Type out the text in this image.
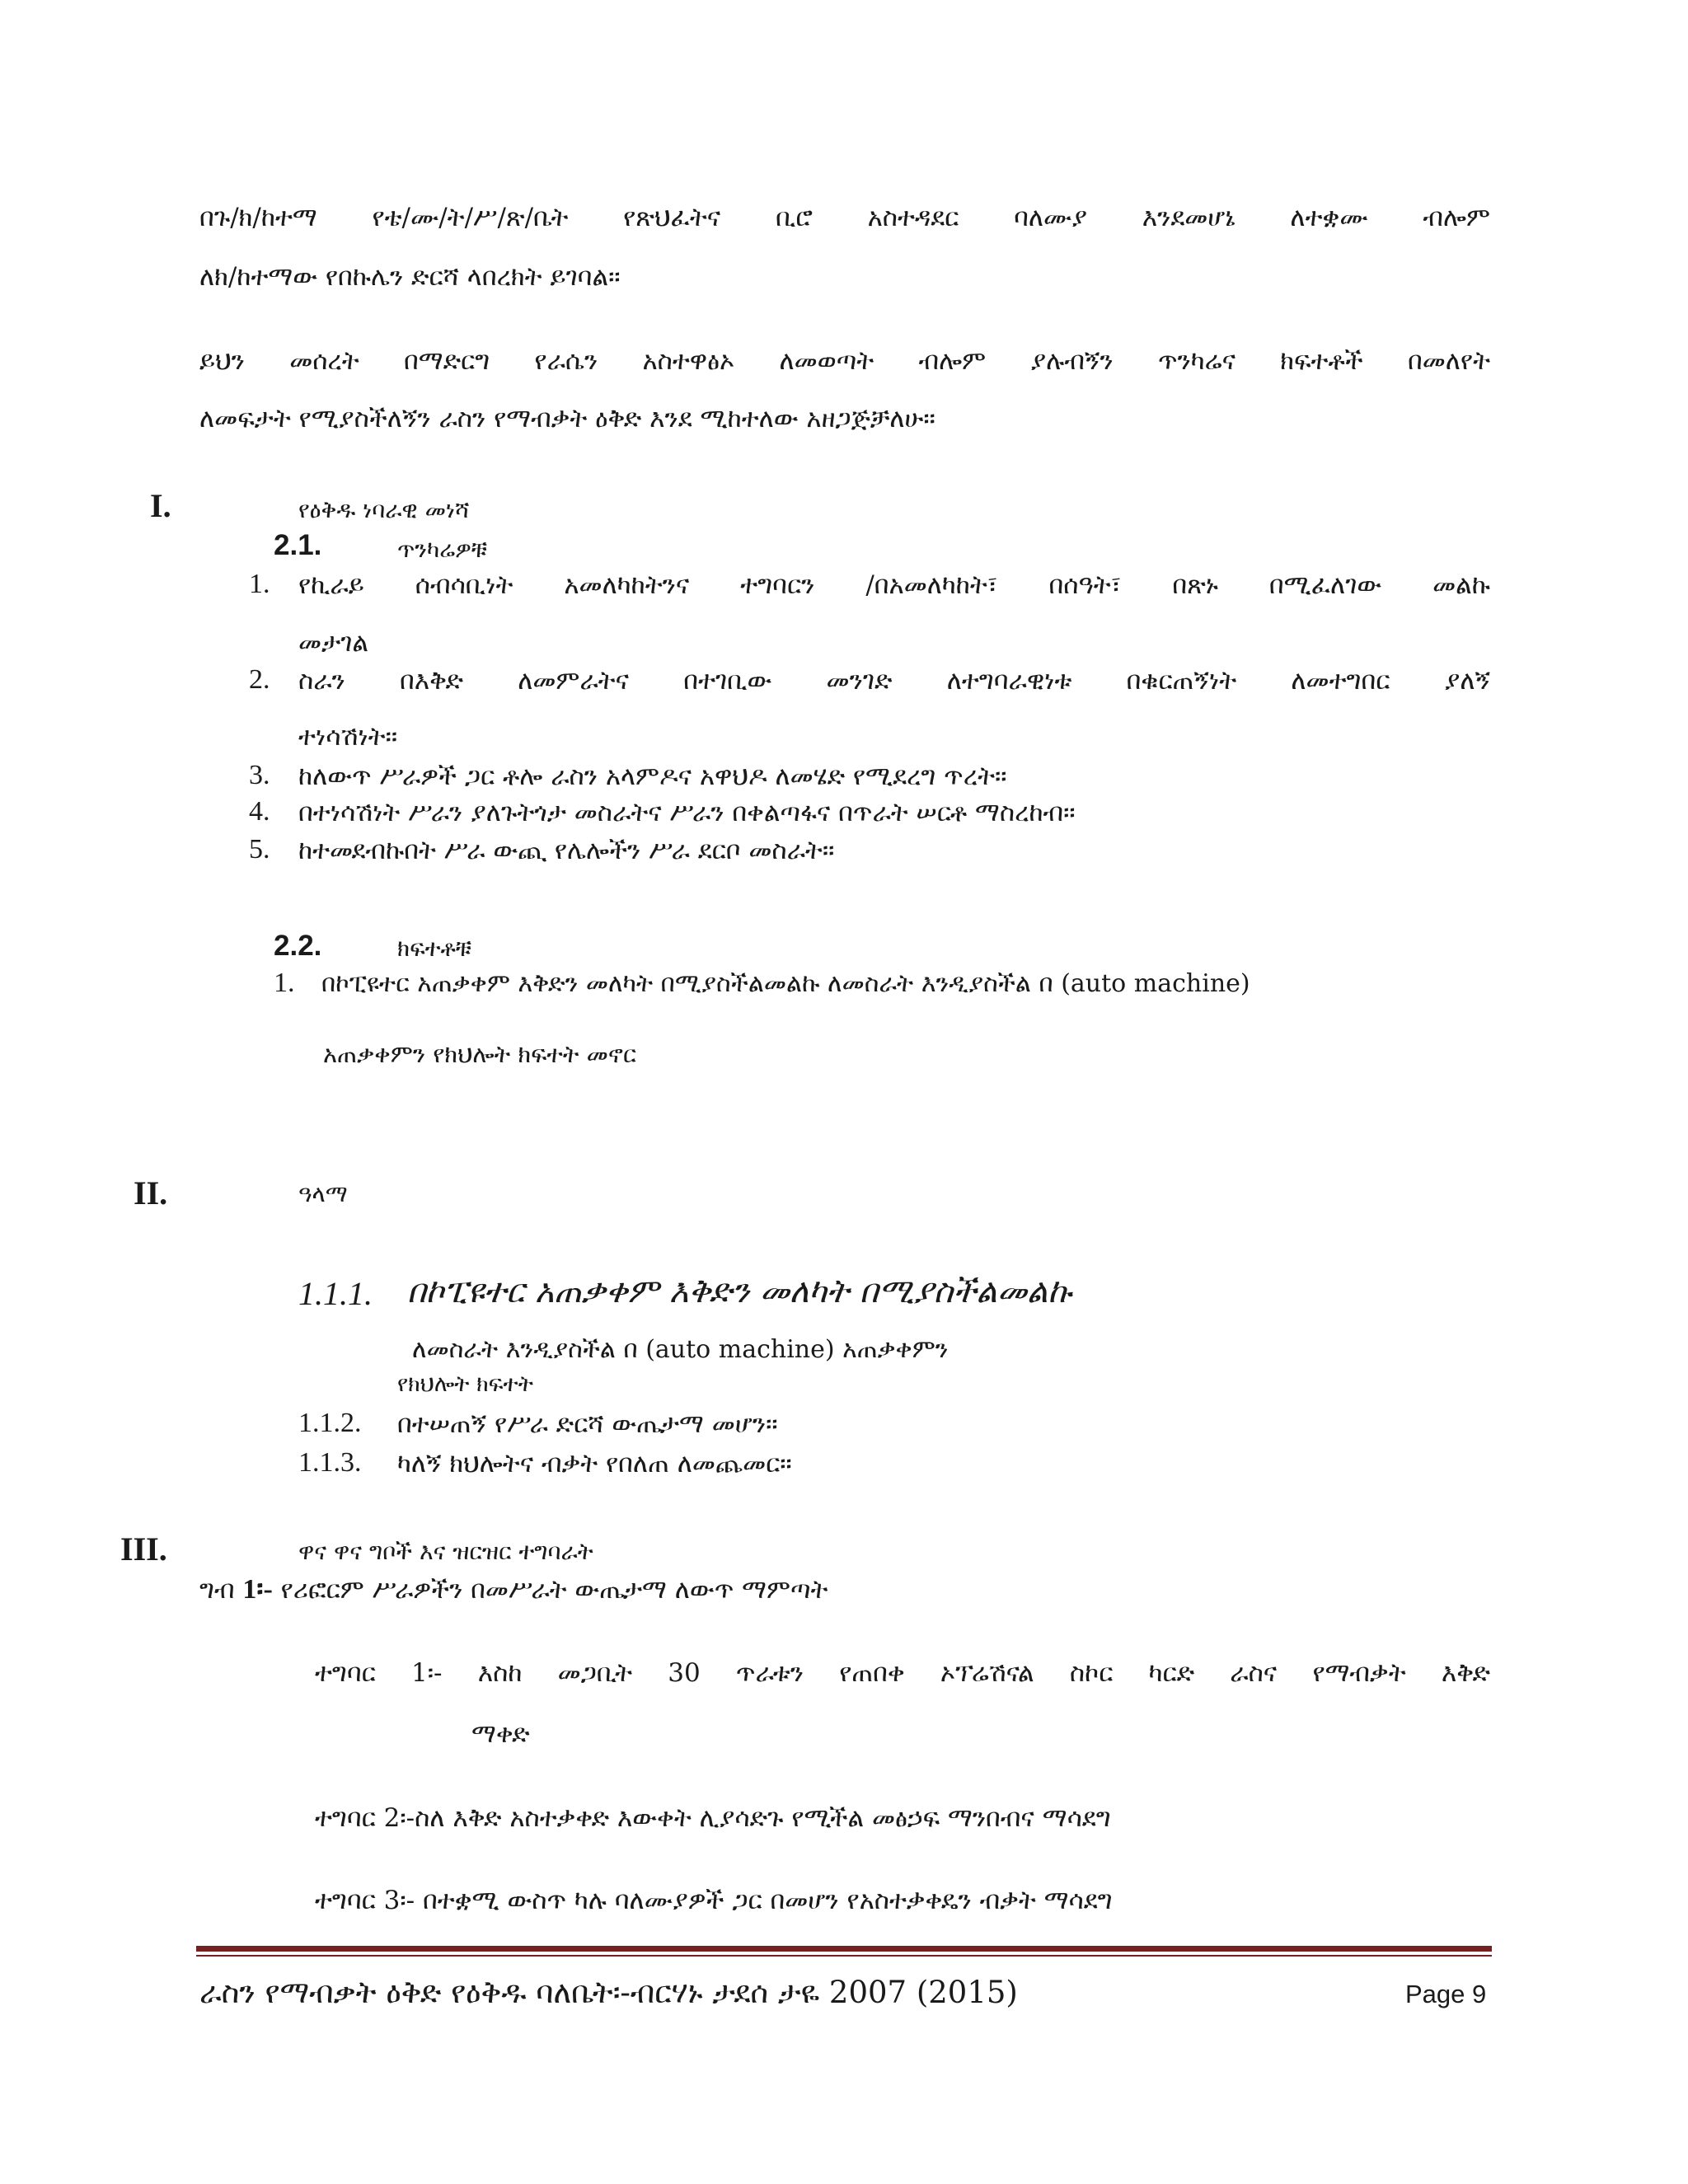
በጉ/ክ/ከተማ የቴ/ሙ/ት/ሥ/ጽ/ቤት የጽህፈትና ቢሮ አስተዳደር ባለሙያ እንደመሆኔ ለተቋሙ ብሎም
ለክ/ከተማው የበኩሌን ድርሻ ላበረክት ይገባል።
ይህን መሰረት በማድርግ የራሴን አስተዋፅኦ ለመወጣት ብሎም ያሉብኝን ጥንካሬና ክፍተቶች በመለየት
ለመፍታት የሚያስችለኝን ራስን የማብቃት ዕቅድ እንደ ሚከተለው አዘጋጅቻለሁ።
I.	የዕቅዱ ነባራዊ መነሻ
2.1.	ጥንካሬዎቹ
1. የኪራይ ሰብሳቢነት አመለካከትንና ተግባርን /በአመለካከት፣ በሰዓት፣ በጽኑ በሚፈለገው መልኩ
መታገል
2. ስራን በእቅድ ለመምራትና በተገቢው መንገድ ለተግባራዊነቱ በቁርጠኝነት ለመተግበር ያለኝ
ተነሳሽነት።
3. ከለውጥ ሥራዎች ጋር ቶሎ ራስን አላምዶና አዋህዶ ለመሄድ የሚደረግ ጥረት።
4. በተነሳሽነት ሥራን ያለጉትጎታ መስራትና ሥራን በቀልጣፋና በጥራት ሠርቶ ማስረከብ።
5. ከተመደብኩበት ሥራ ውጪ የሌሎችን ሥራ ደርቦ መስራት።
2.2.	ክፍተቶቹ
1. በኮፒዩተር አጠቃቀም እቅድን መለካት በሚያስችልመልኩ ለመስራት እንዲያስችል በ (auto machine)
አጠቃቀምን የክህሎት ክፍተት መኖር
II.	ዓላማ
1.1.1. በኮፒዩተር አጠቃቀም እቅድን መለካት በሚያስችልመልኩ
ለመስራት እንዲያስችል በ (auto machine) አጠቃቀምን
የክህሎት ክፍተት
1.1.2. በተሠጠኝ የሥራ ድርሻ ውጤታማ መሆን።
1.1.3. ካለኝ ክህሎትና ብቃት የበለጠ ለመጨመር።
III.	ዋና ዋና ግቦች እና ዝርዝር ተግባራት
ግብ 1፡- የሪፎርም ሥራዎችን በመሥራት ውጤታማ ለውጥ ማምጣት
ተግባር 1፡- እስከ መጋቢት 30 ጥራቱን የጠበቀ ኦፕሬሽናል ስኮር ካርድ ራስና የማብቃት እቅድ
ማቀድ
ተግባር 2፡-ስለ እቅድ አስተቃቀድ እውቀት ሊያሳድጉ የሚችል መፅኃፍ ማንበብና ማሳደግ
ተግባር 3፡- በተቋሚ ውስጥ ካሉ ባለሙያዎች ጋር በመሆን የአስተቃቀዴን ብቃት ማሳደግ
ራስን የማብቃት ዕቅድ የዕቅዱ ባለቤት፡-ብርሃኑ ታደሰ ታዬ 2007 (2015)	Page 9
